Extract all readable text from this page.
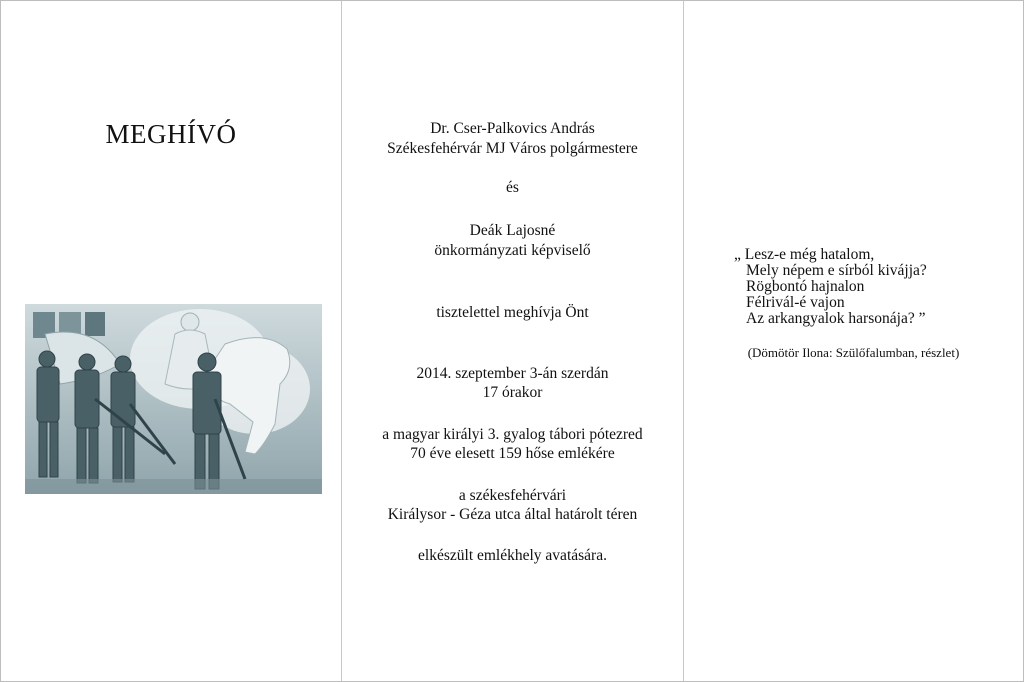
MEGHÍVÓ	Dr. Cser-Palkovics András
Székesfehérvár MJ Város polgármestere
és
Deák Lajosné
önkormányzati képviselő
tisztelettel meghívja Önt
2014. szeptember 3-án szerdán
17 órakor
a magyar királyi 3. gyalog tábori pótezred
70 éve elesett 159 hőse emlékére
a székesfehérvári
Királysor - Géza utca által határolt téren
elkészült emlékhely avatására.
„ Lesz-e még hatalom,
Mely népem e sírból kivájja?
Rögbontó hajnalon
Félrivál-é vajon
Az arkangyalok harsonája? ”
(Dömötör Ilona: Szülőfalumban, részlet)
